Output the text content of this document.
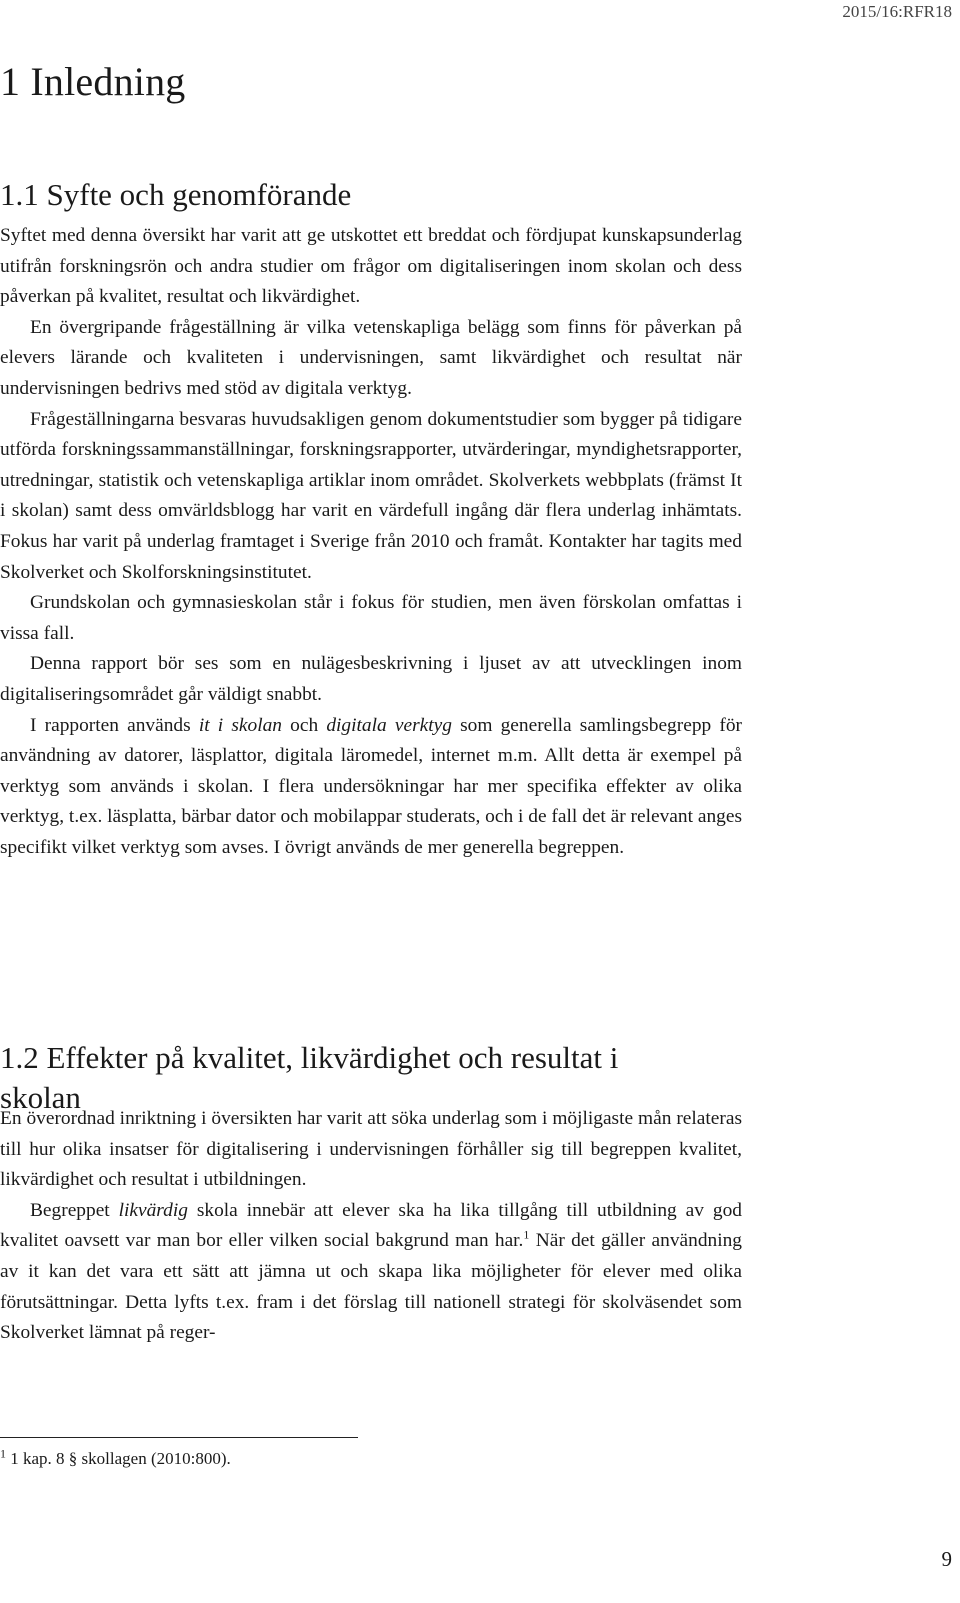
2015/16:RFR18
1 Inledning
1.1 Syfte och genomförande

Syftet med denna översikt har varit att ge utskottet ett breddat och fördjupat kunskapsunderlag utifrån forskningsrön och andra studier om frågor om digitaliseringen inom skolan och dess påverkan på kvalitet, resultat och likvärdighet.

En övergripande frågeställning är vilka vetenskapliga belägg som finns för påverkan på elevers lärande och kvaliteten i undervisningen, samt likvärdighet och resultat när undervisningen bedrivs med stöd av digitala verktyg.

Frågeställningarna besvaras huvudsakligen genom dokumentstudier som bygger på tidigare utförda forskningssammanställningar, forskningsrapporter, utvärderingar, myndighetsrapporter, utredningar, statistik och vetenskapliga artiklar inom området. Skolverkets webbplats (främst It i skolan) samt dess omvärldsblogg har varit en värdefull ingång där flera underlag inhämtats. Fokus har varit på underlag framtaget i Sverige från 2010 och framåt. Kontakter har tagits med Skolverket och Skolforskningsinstitutet.

Grundskolan och gymnasieskolan står i fokus för studien, men även förskolan omfattas i vissa fall.

Denna rapport bör ses som en nulägesbeskrivning i ljuset av att utvecklingen inom digitaliseringsområdet går väldigt snabbt.

I rapporten används it i skolan och digitala verktyg som generella samlingsbegrepp för användning av datorer, läsplattor, digitala läromedel, internet m.m. Allt detta är exempel på verktyg som används i skolan. I flera undersökningar har mer specifika effekter av olika verktyg, t.ex. läsplatta, bärbar dator och mobilappar studerats, och i de fall det är relevant anges specifikt vilket verktyg som avses. I övrigt används de mer generella begreppen.

1.2 Effekter på kvalitet, likvärdighet och resultat i skolan

En överordnad inriktning i översikten har varit att söka underlag som i möjligaste mån relateras till hur olika insatser för digitalisering i undervisningen förhåller sig till begreppen kvalitet, likvärdighet och resultat i utbildningen.

Begreppet likvärdig skola innebär att elever ska ha lika tillgång till utbildning av god kvalitet oavsett var man bor eller vilken social bakgrund man har.$^1$ När det gäller användning av it kan det vara ett sätt att jämna ut och skapa lika möjligheter för elever med olika förutsättningar. Detta lyfts t.ex. fram i det förslag till nationell strategi för skolväsendet som Skolverket lämnat på reger-

$^1$ 1 kap. 8 § skollagen (2010:800).
9
